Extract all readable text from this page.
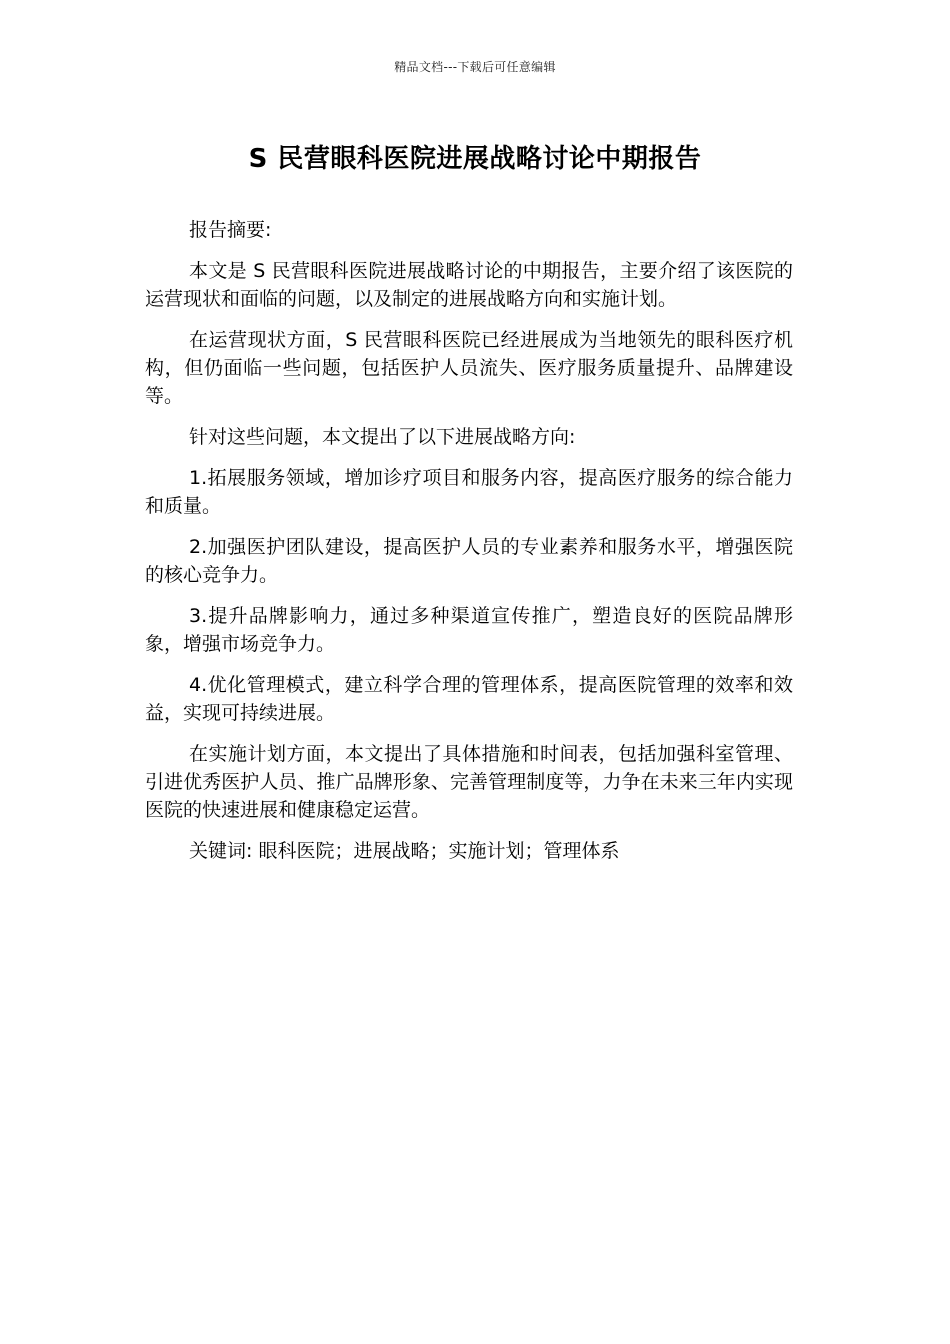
精品文档---下载后可任意编辑
S 民营眼科医院进展战略讨论中期报告

报告摘要:

本文是 S 民营眼科医院进展战略讨论的中期报告，主要介绍了该医院的运营现状和面临的问题，以及制定的进展战略方向和实施计划。

在运营现状方面，S 民营眼科医院已经进展成为当地领先的眼科医疗机构，但仍面临一些问题，包括医护人员流失、医疗服务质量提升、品牌建设等。

针对这些问题，本文提出了以下进展战略方向:

1.拓展服务领域，增加诊疗项目和服务内容，提高医疗服务的综合能力和质量。

2.加强医护团队建设，提高医护人员的专业素养和服务水平，增强医院的核心竞争力。

3.提升品牌影响力，通过多种渠道宣传推广，塑造良好的医院品牌形象，增强市场竞争力。

4.优化管理模式，建立科学合理的管理体系，提高医院管理的效率和效益，实现可持续进展。

在实施计划方面，本文提出了具体措施和时间表，包括加强科室管理、引进优秀医护人员、推广品牌形象、完善管理制度等，力争在未来三年内实现医院的快速进展和健康稳定运营。

关键词: 眼科医院；进展战略；实施计划；管理体系
